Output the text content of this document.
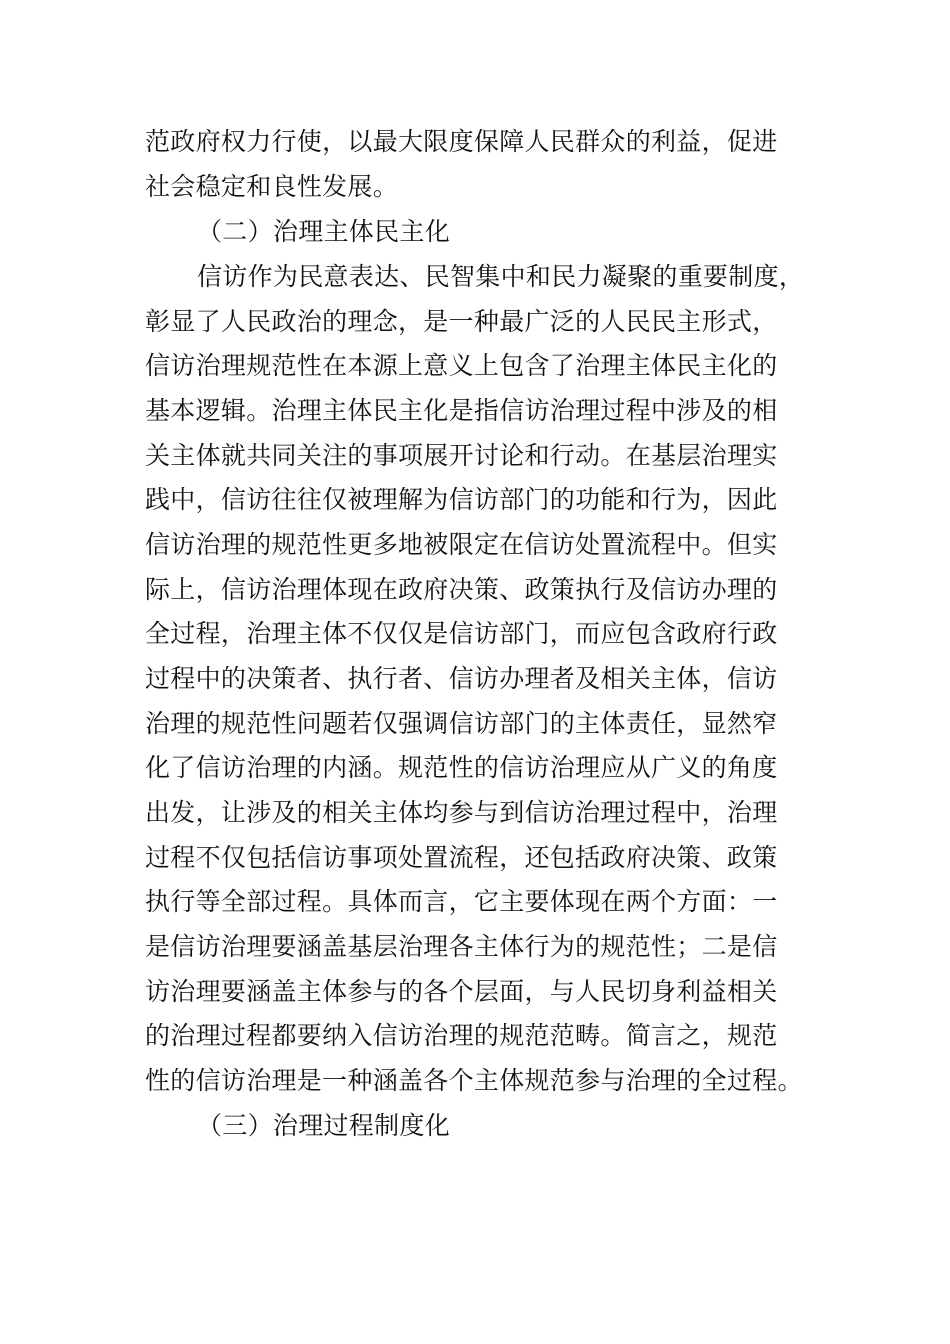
范政府权力行使，以最大限度保障人民群众的利益，促进
社会稳定和良性发展。
（二）治理主体民主化
信访作为民意表达、民智集中和民力凝聚的重要制度，
彰显了人民政治的理念，是一种最广泛的人民民主形式，
信访治理规范性在本源上意义上包含了治理主体民主化的
基本逻辑。治理主体民主化是指信访治理过程中涉及的相
关主体就共同关注的事项展开讨论和行动。在基层治理实
践中，信访往往仅被理解为信访部门的功能和行为，因此
信访治理的规范性更多地被限定在信访处置流程中。但实
际上，信访治理体现在政府决策、政策执行及信访办理的
全过程，治理主体不仅仅是信访部门，而应包含政府行政
过程中的决策者、执行者、信访办理者及相关主体，信访
治理的规范性问题若仅强调信访部门的主体责任，显然窄
化了信访治理的内涵。规范性的信访治理应从广义的角度
出发，让涉及的相关主体均参与到信访治理过程中，治理
过程不仅包括信访事项处置流程，还包括政府决策、政策
执行等全部过程。具体而言，它主要体现在两个方面：一
是信访治理要涵盖基层治理各主体行为的规范性；二是信
访治理要涵盖主体参与的各个层面，与人民切身利益相关
的治理过程都要纳入信访治理的规范范畴。简言之，规范
性的信访治理是一种涵盖各个主体规范参与治理的全过程。
（三）治理过程制度化
